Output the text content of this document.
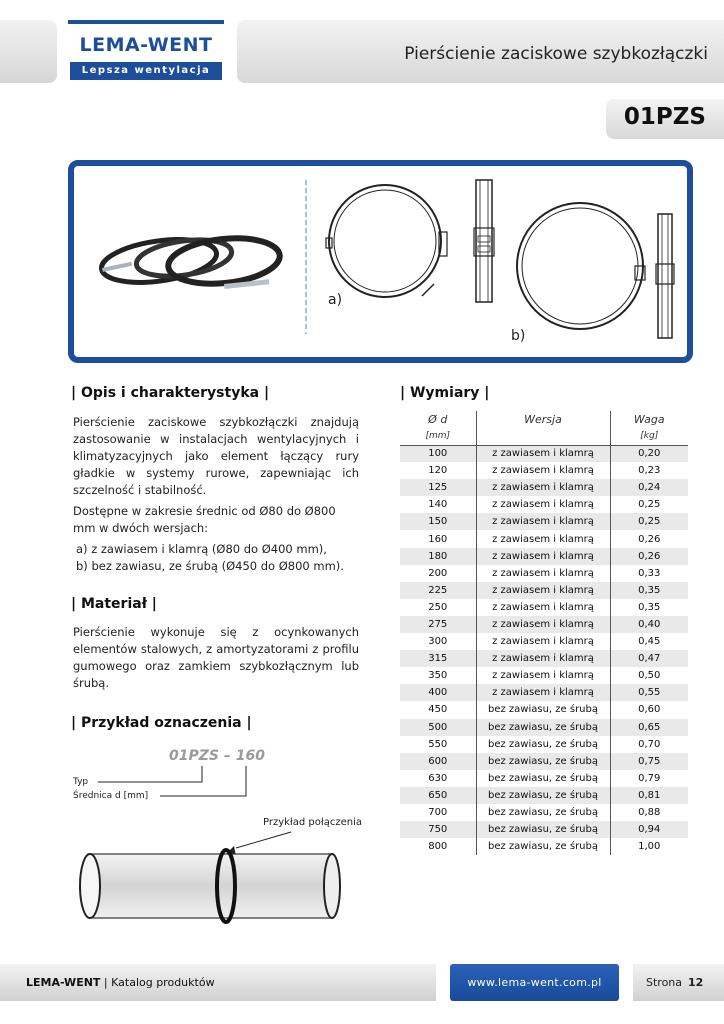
LEMA-WENT
Lepsza wentylacja
Pierścienie zaciskowe szybkozłączki
01PZS
a)
b)
| Opis i charakterystyka |
Pierścienie zaciskowe szybkozłączki znajdują zastosowanie w instalacjach wentylacyjnych i klimatyzacyjnych jako element łączący rury gładkie w systemy rurowe, zapewniając ich szczelność i stabilność.
Dostępne w zakresie średnic od Ø80 do Ø800 mm w dwóch wersjach:
a) z zawiasem i klamrą (Ø80 do Ø400 mm),
b) bez zawiasu, ze śrubą (Ø450 do Ø800 mm).
| Materiał |
Pierścienie wykonuje się z ocynkowanych elementów stalowych, z amortyzatorami z profilu gumowego oraz zamkiem szybkozłącznym lub śrubą.
| Przykład oznaczenia |
01PZS – 160
Typ
Średnica d [mm]
Przykład połączenia
| Wymiary |
Ø d	Wersja	Waga
[mm]		[kg]
100	z zawiasem i klamrą	0,20
120	z zawiasem i klamrą	0,23
125	z zawiasem i klamrą	0,24
140	z zawiasem i klamrą	0,25
150	z zawiasem i klamrą	0,25
160	z zawiasem i klamrą	0,26
180	z zawiasem i klamrą	0,26
200	z zawiasem i klamrą	0,33
225	z zawiasem i klamrą	0,35
250	z zawiasem i klamrą	0,35
275	z zawiasem i klamrą	0,40
300	z zawiasem i klamrą	0,45
315	z zawiasem i klamrą	0,47
350	z zawiasem i klamrą	0,50
400	z zawiasem i klamrą	0,55
450	bez zawiasu, ze śrubą	0,60
500	bez zawiasu, ze śrubą	0,65
550	bez zawiasu, ze śrubą	0,70
600	bez zawiasu, ze śrubą	0,75
630	bez zawiasu, ze śrubą	0,79
650	bez zawiasu, ze śrubą	0,81
700	bez zawiasu, ze śrubą	0,88
750	bez zawiasu, ze śrubą	0,94
800	bez zawiasu, ze śrubą	1,00
LEMA-WENT | Katalog produktów	www.lema-went.com.pl	Strona 12
